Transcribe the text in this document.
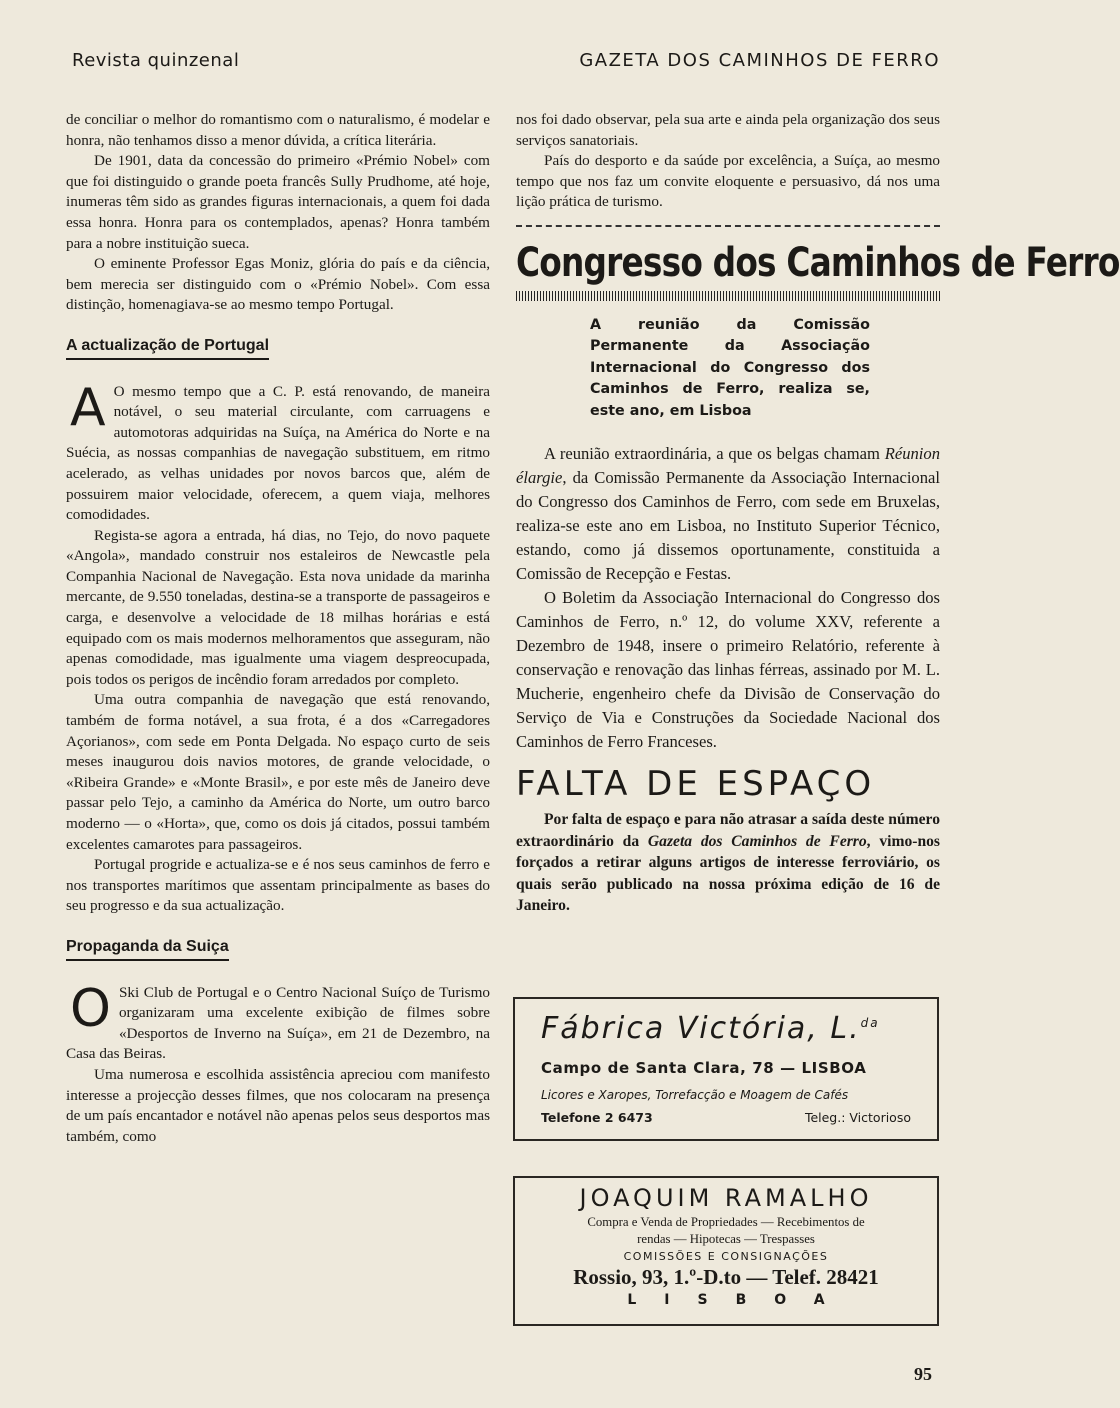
Revista quinzenal	GAZETA DOS CAMINHOS DE FERRO

de conciliar o melhor do romantismo com o naturalismo, é modelar e honra, não tenhamos disso a menor dúvida, a crítica literária.

De 1901, data da concessão do primeiro «Prémio Nobel» com que foi distinguido o grande poeta francês Sully Prudhome, até hoje, inumeras têm sido as grandes figuras internacionais, a quem foi dada essa honra. Honra para os contemplados, apenas? Honra também para a nobre instituição sueca.

O eminente Professor Egas Moniz, glória do país e da ciência, bem merecia ser distinguido com o «Prémio Nobel». Com essa distinção, homenagiava-se ao mesmo tempo Portugal.

A actualização de Portugal

A O mesmo tempo que a C. P. está renovando, de maneira notável, o seu material circulante, com carruagens e automotoras adquiridas na Suíça, na América do Norte e na Suécia, as nossas companhias de navegação substituem, em ritmo acelerado, as velhas unidades por novos barcos que, além de possuirem maior velocidade, oferecem, a quem viaja, melhores comodidades.

Regista-se agora a entrada, há dias, no Tejo, do novo paquete «Angola», mandado construir nos estaleiros de Newcastle pela Companhia Nacional de Navegação. Esta nova unidade da marinha mercante, de 9.550 toneladas, destina-se a transporte de passageiros e carga, e desenvolve a velocidade de 18 milhas horárias e está equipado com os mais modernos melhoramentos que asseguram, não apenas comodidade, mas igualmente uma viagem despreocupada, pois todos os perigos de incêndio foram arredados por completo.

Uma outra companhia de navegação que está renovando, também de forma notável, a sua frota, é a dos «Carregadores Açorianos», com sede em Ponta Delgada. No espaço curto de seis meses inaugurou dois navios motores, de grande velocidade, o «Ribeira Grande» e «Monte Brasil», e por este mês de Janeiro deve passar pelo Tejo, a caminho da América do Norte, um outro barco moderno — o «Horta», que, como os dois já citados, possui também excelentes camarotes para passageiros.

Portugal progride e actualiza-se e é nos seus caminhos de ferro e nos transportes marítimos que assentam principalmente as bases do seu progresso e da sua actualização.

Propaganda da Suiça

O Ski Club de Portugal e o Centro Nacional Suíço de Turismo organizaram uma excelente exibição de filmes sobre «Desportos de Inverno na Suíça», em 21 de Dezembro, na Casa das Beiras.

Uma numerosa e escolhida assistência apreciou com manifesto interesse a projecção desses filmes, que nos colocaram na presença de um país encantador e notável não apenas pelos seus desportos mas também, como

nos foi dado observar, pela sua arte e ainda pela organização dos seus serviços sanatoriais.

País do desporto e da saúde por excelência, a Suíça, ao mesmo tempo que nos faz um convite eloquente e persuasivo, dá nos uma lição prática de turismo.

Congresso dos Caminhos de Ferro
A reunião da Comissão Permanente da Associação Internacional do Congresso dos Caminhos de Ferro, realiza se, este ano, em Lisboa

A reunião extraordinária, a que os belgas chamam Réunion élargie, da Comissão Permanente da Associação Internacional do Congresso dos Caminhos de Ferro, com sede em Bruxelas, realiza-se este ano em Lisboa, no Instituto Superior Técnico, estando, como já dissemos oportunamente, constituida a Comissão de Recepção e Festas.

O Boletim da Associação Internacional do Congresso dos Caminhos de Ferro, n.º 12, do volume XXV, referente a Dezembro de 1948, insere o primeiro Relatório, referente à conservação e renovação das linhas férreas, assinado por M. L. Mucherie, engenheiro chefe da Divisão de Conservação do Serviço de Via e Construções da Sociedade Nacional dos Caminhos de Ferro Franceses.

FALTA DE ESPAÇO

Por falta de espaço e para não atrasar a saída deste número extraordinário da Gazeta dos Caminhos de Ferro, vimo-nos forçados a retirar alguns artigos de interesse ferroviário, os quais serão publicado na nossa próxima edição de 16 de Janeiro.

Fábrica Victória, L.$^{da}$
Campo de Santa Clara, 78 — LISBOA
Licores e Xaropes, Torrefacção e Moagem de Cafés
Telefone 2 6473	Teleg.: Victorioso
JOAQUIM RAMALHO
Compra e Venda de Propriedades — Recebimentos de rendas — Hipotecas — Trespasses
COMISSÕES E CONSIGNAÇÕES
Rossio, 93, 1.º-D.to — Telef. 28421
LISBOA
95
